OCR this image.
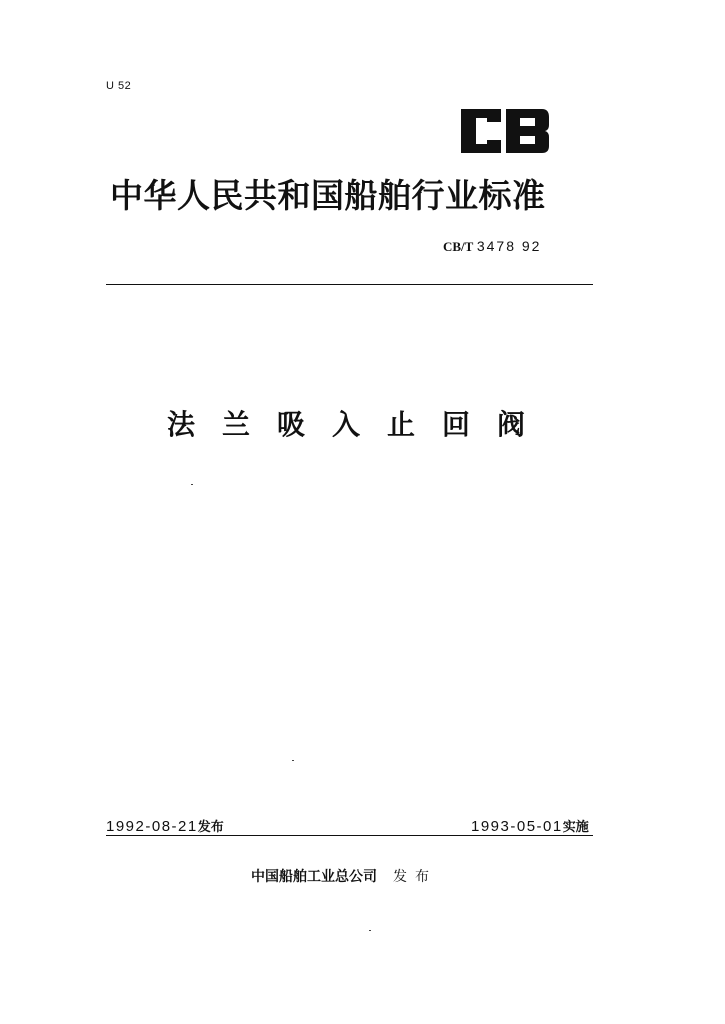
U 52
中华人民共和国船舶行业标准
CB/T 3478 92
法兰吸入止回阀
1992-08-21发布	1993-05-01实施
中国船舶工业总公司 发布
